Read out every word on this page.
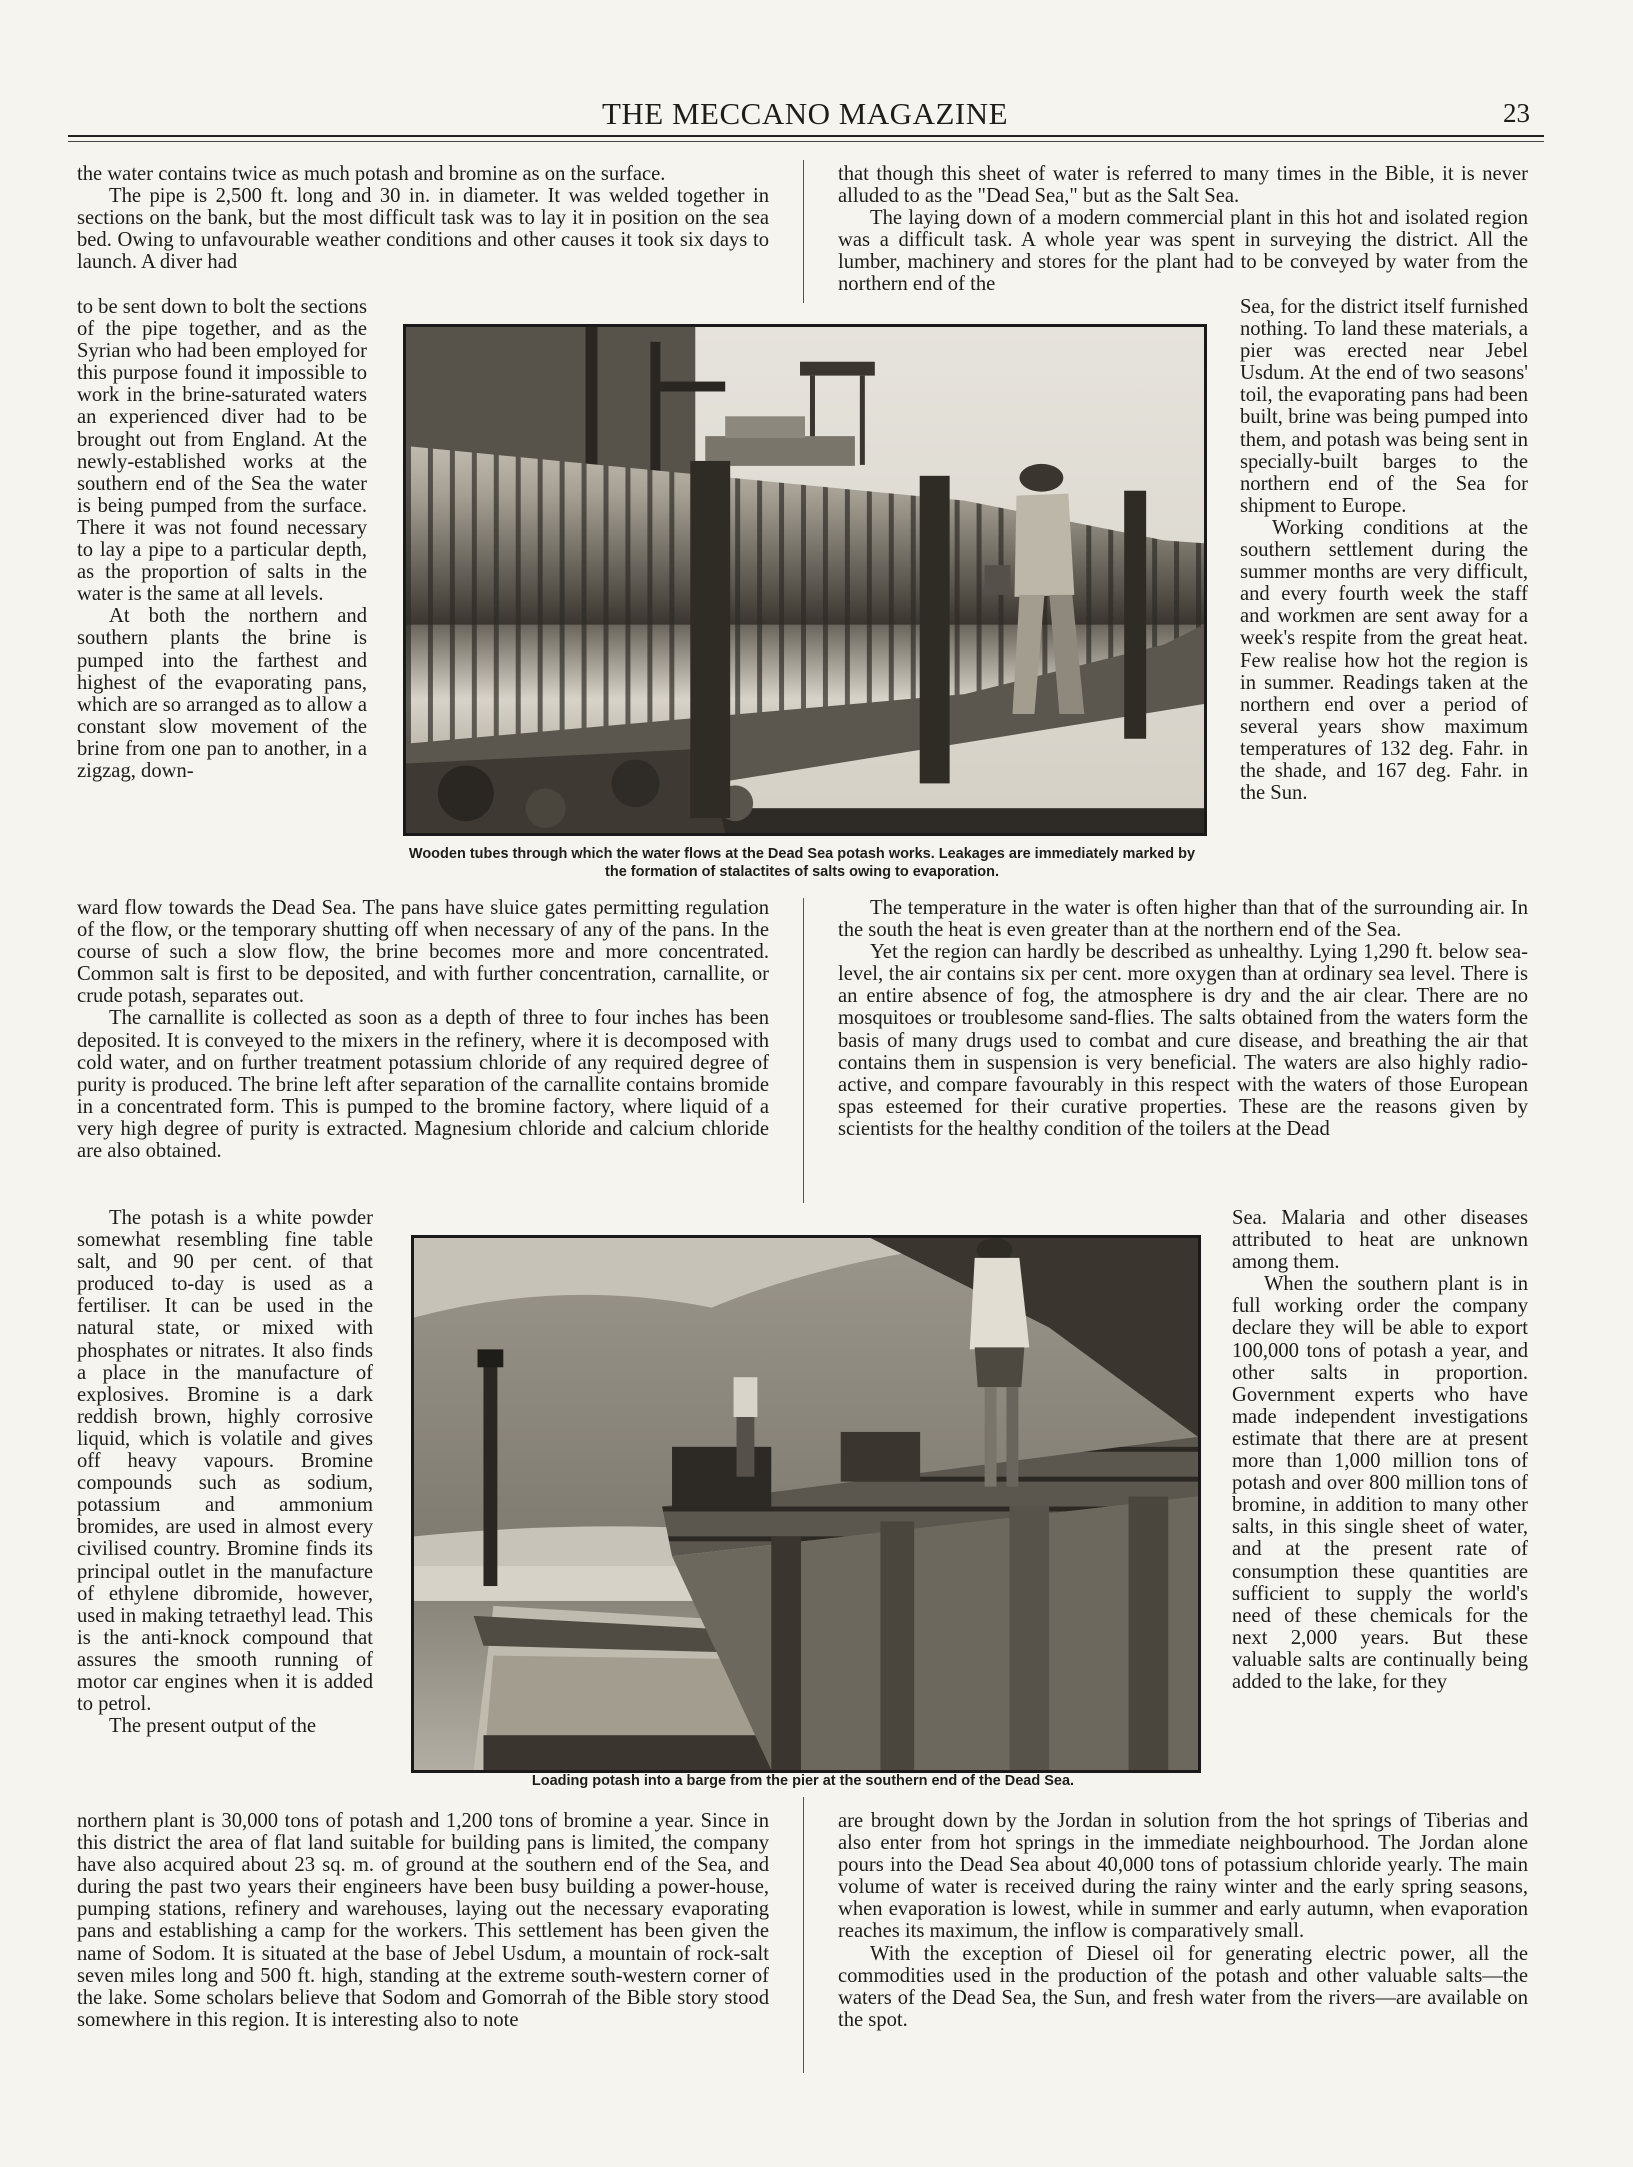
THE MECCANO MAGAZINE	23

the water contains twice as much potash and bromine as on the surface.

The pipe is 2,500 ft. long and 30 in. in diameter. It was welded together in sections on the bank, but the most difficult task was to lay it in position on the sea bed. Owing to unfavourable weather conditions and other causes it took six days to launch. A diver had

to be sent down to bolt the sections of the pipe together, and as the Syrian who had been employed for this purpose found it impossible to work in the brine-saturated waters an experienced diver had to be brought out from England. At the newly-established works at the southern end of the Sea the water is being pumped from the surface. There it was not found necessary to lay a pipe to a particular depth, as the proportion of salts in the water is the same at all levels.

At both the northern and southern plants the brine is pumped into the farthest and highest of the evaporating pans, which are so arranged as to allow a constant slow movement of the brine from one pan to another, in a zigzag, down-

ward flow towards the Dead Sea. The pans have sluice gates permitting regulation of the flow, or the temporary shutting off when necessary of any of the pans. In the course of such a slow flow, the brine becomes more and more concentrated. Common salt is first to be deposited, and with further concentration, carnallite, or crude potash, separates out.

The carnallite is collected as soon as a depth of three to four inches has been deposited. It is conveyed to the mixers in the refinery, where it is decomposed with cold water, and on further treatment potassium chloride of any required degree of purity is produced. The brine left after separation of the carnallite contains bromide in a concentrated form. This is pumped to the bromine factory, where liquid of a very high degree of purity is extracted. Magnesium chloride and calcium chloride are also obtained.

The potash is a white powder somewhat resembling fine table salt, and 90 per cent. of that produced to-day is used as a fertiliser. It can be used in the natural state, or mixed with phosphates or nitrates. It also finds a place in the manufacture of explosives. Bromine is a dark reddish brown, highly corrosive liquid, which is volatile and gives off heavy vapours. Bromine compounds such as sodium, potassium and ammonium bromides, are used in almost every civilised country. Bromine finds its principal outlet in the manufacture of ethylene dibromide, however, used in making tetraethyl lead. This is the anti-knock compound that assures the smooth running of motor car engines when it is added to petrol.

The present output of the

northern plant is 30,000 tons of potash and 1,200 tons of bromine a year. Since in this district the area of flat land suitable for building pans is limited, the company have also acquired about 23 sq. m. of ground at the southern end of the Sea, and during the past two years their engineers have been busy building a power-house, pumping stations, refinery and warehouses, laying out the necessary evaporating pans and establishing a camp for the workers. This settlement has been given the name of Sodom. It is situated at the base of Jebel Usdum, a mountain of rock-salt seven miles long and 500 ft. high, standing at the extreme south-western corner of the lake. Some scholars believe that Sodom and Gomorrah of the Bible story stood somewhere in this region. It is interesting also to note

that though this sheet of water is referred to many times in the Bible, it is never alluded to as the "Dead Sea," but as the Salt Sea.

The laying down of a modern commercial plant in this hot and isolated region was a difficult task. A whole year was spent in surveying the district. All the lumber, machinery and stores for the plant had to be conveyed by water from the northern end of the

Sea, for the district itself furnished nothing. To land these materials, a pier was erected near Jebel Usdum. At the end of two seasons' toil, the evaporating pans had been built, brine was being pumped into them, and potash was being sent in specially-built barges to the northern end of the Sea for shipment to Europe.

Working conditions at the southern settlement during the summer months are very difficult, and every fourth week the staff and workmen are sent away for a week's respite from the great heat. Few realise how hot the region is in summer. Readings taken at the northern end over a period of several years show maximum temperatures of 132 deg. Fahr. in the shade, and 167 deg. Fahr. in the Sun.

The temperature in the water is often higher than that of the surrounding air. In the south the heat is even greater than at the northern end of the Sea.

Yet the region can hardly be described as unhealthy. Lying 1,290 ft. below sea-level, the air contains six per cent. more oxygen than at ordinary sea level. There is an entire absence of fog, the atmosphere is dry and the air clear. There are no mosquitoes or troublesome sand-flies. The salts obtained from the waters form the basis of many drugs used to combat and cure disease, and breathing the air that contains them in suspension is very beneficial. The waters are also highly radio-active, and compare favourably in this respect with the waters of those European spas esteemed for their curative properties. These are the reasons given by scientists for the healthy condition of the toilers at the Dead

Sea. Malaria and other diseases attributed to heat are unknown among them.

When the southern plant is in full working order the company declare they will be able to export 100,000 tons of potash a year, and other salts in proportion. Government experts who have made independent investigations estimate that there are at present more than 1,000 million tons of potash and over 800 million tons of bromine, in addition to many other salts, in this single sheet of water, and at the present rate of consumption these quantities are sufficient to supply the world's need of these chemicals for the next 2,000 years. But these valuable salts are continually being added to the lake, for they

are brought down by the Jordan in solution from the hot springs of Tiberias and also enter from hot springs in the immediate neighbourhood. The Jordan alone pours into the Dead Sea about 40,000 tons of potassium chloride yearly. The main volume of water is received during the rainy winter and the early spring seasons, when evaporation is lowest, while in summer and early autumn, when evaporation reaches its maximum, the inflow is comparatively small.

With the exception of Diesel oil for generating electric power, all the commodities used in the production of the potash and other valuable salts—the waters of the Dead Sea, the Sun, and fresh water from the rivers—are available on the spot.

Wooden tubes through which the water flows at the Dead Sea potash works. Leakages are immediately marked by the formation of stalactites of salts owing to evaporation.
Loading potash into a barge from the pier at the southern end of the Dead Sea.
